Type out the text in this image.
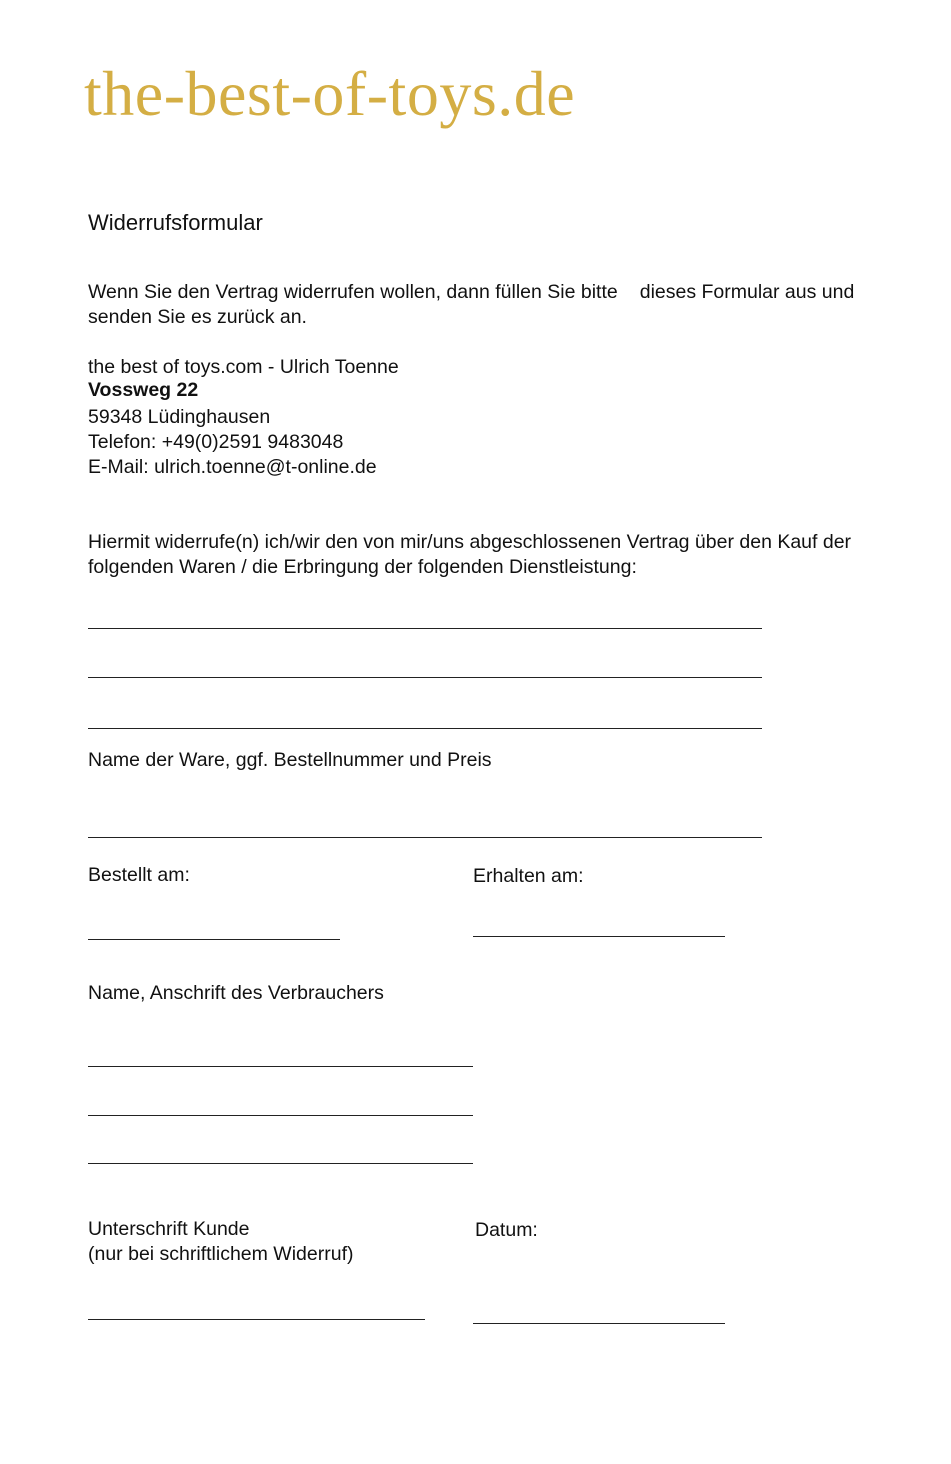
the-best-of-toys.de
Widerrufsformular
Wenn Sie den Vertrag widerrufen wollen, dann füllen Sie bitte dieses Formular aus und
senden Sie es zurück an.
the best of toys.com - Ulrich Toenne
Vossweg 22
59348 Lüdinghausen
Telefon: +49(0)2591 9483048
E-Mail: ulrich.toenne@t-online.de
Hiermit widerrufe(n) ich/wir den von mir/uns abgeschlossenen Vertrag über den Kauf der
folgenden Waren / die Erbringung der folgenden Dienstleistung:
Name der Ware, ggf. Bestellnummer und Preis
Bestellt am:	Erhalten am:
Name, Anschrift des Verbrauchers
Unterschrift Kunde
(nur bei schriftlichem Widerruf)
Datum:
